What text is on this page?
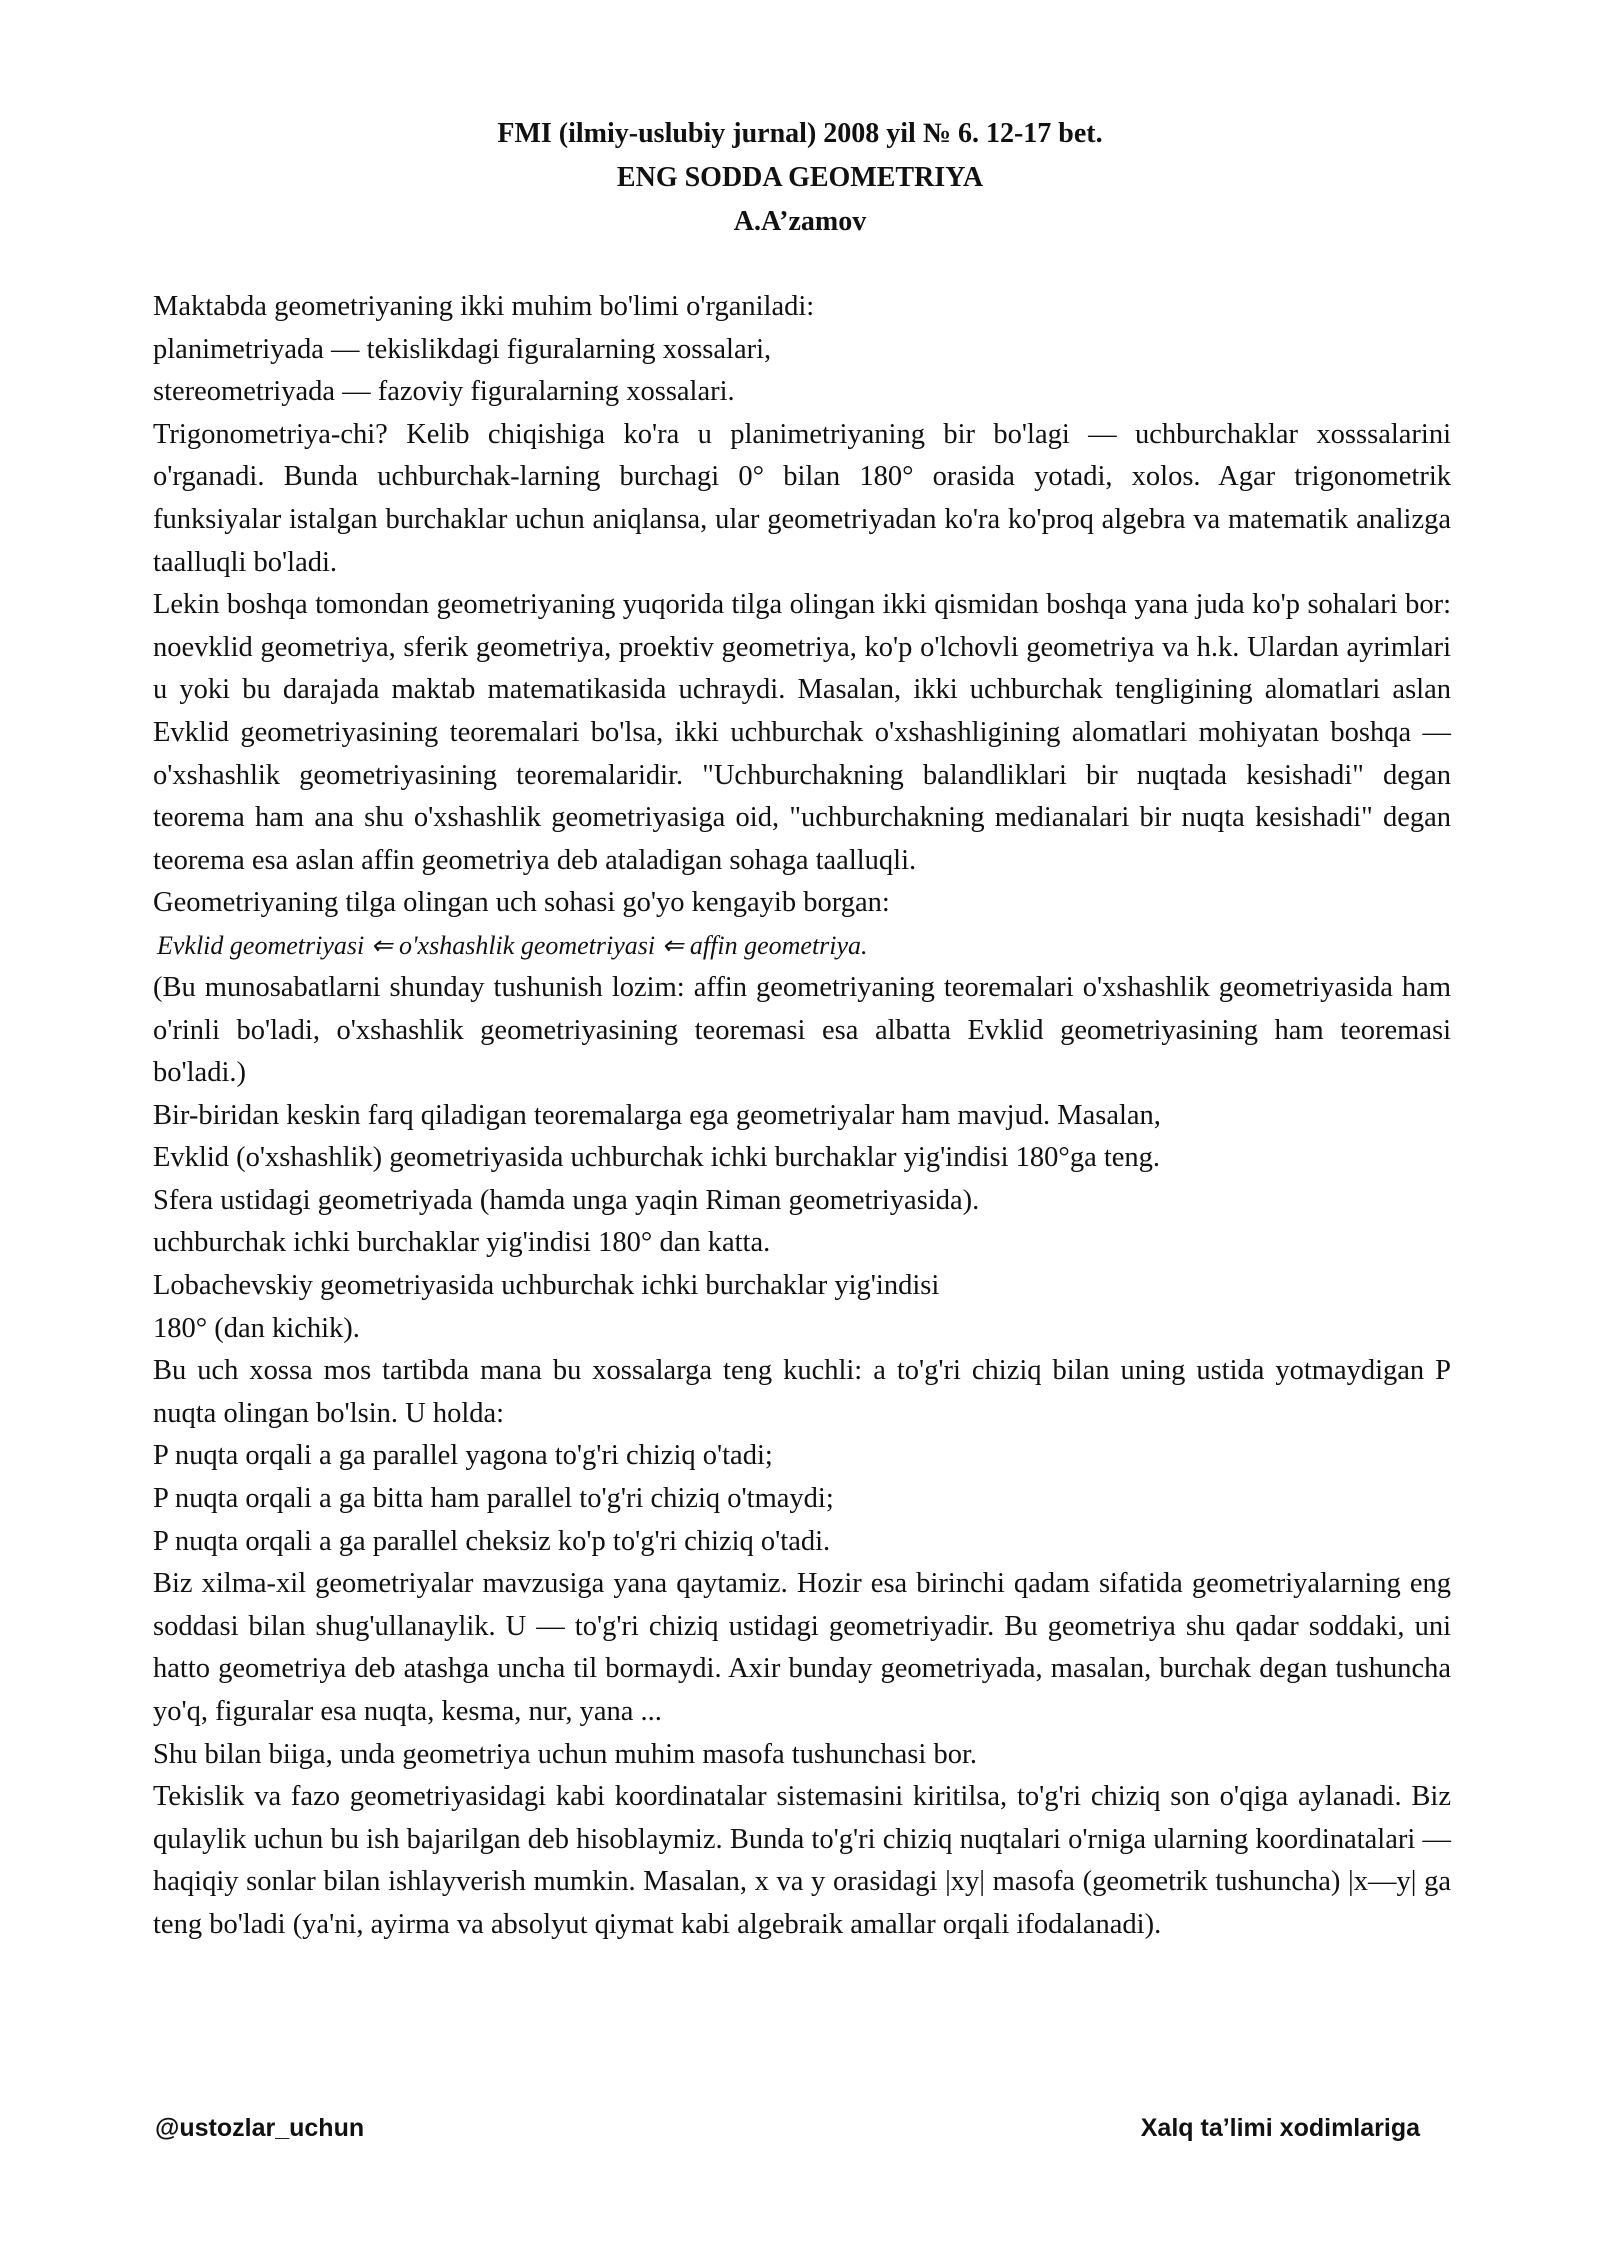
FMI (ilmiy-uslubiy jurnal) 2008 yil № 6. 12-17 bet.
ENG SODDA GEOMETRIYA
A.A’zamov

Maktabda geometriyaning ikki muhim bo'limi o'rganiladi:

planimetriyada — tekislikdagi figuralarning xossalari,

stereometriyada — fazoviy figuralarning xossalari.

Trigonometriya-chi? Kelib chiqishiga ko'ra u planimetriyaning bir bo'lagi — uchburchaklar xosssalarini o'rganadi. Bunda uchburchak-larning burchagi 0° bilan 180° orasida yotadi, xolos. Agar trigonometrik funksiyalar istalgan burchaklar uchun aniqlansa, ular geometriyadan ko'ra ko'proq algebra va matematik analizga taalluqli bo'ladi.

Lekin boshqa tomondan geometriyaning yuqorida tilga olingan ikki qismidan boshqa yana juda ko'p sohalari bor: noevklid geometriya, sferik geometriya, proektiv geometriya, ko'p o'lchovli geometriya va h.k. Ulardan ayrimlari u yoki bu darajada maktab matematikasida uchraydi. Masalan, ikki uchburchak tengligining alomatlari aslan Evklid geometriyasining teoremalari bo'lsa, ikki uchburchak o'xshashligining alomatlari mohiyatan boshqa — o'xshashlik geometriyasining teoremalaridir. "Uchburchakning balandliklari bir nuqtada kesishadi" degan teorema ham ana shu o'xshashlik geometriyasiga oid, "uchburchakning medianalari bir nuqta kesishadi" degan teorema esa aslan affin geometriya deb ataladigan sohaga taalluqli.

Geometriyaning tilga olingan uch sohasi go'yo kengayib borgan:

Evklid geometriyasi ⇐ o'xshashlik geometriyasi ⇐ affin geometriya.

(Bu munosabatlarni shunday tushunish lozim: affin geometriyaning teoremalari o'xshashlik geometriyasida ham o'rinli bo'ladi, o'xshashlik geometriyasining teoremasi esa albatta Evklid geometriyasining ham teoremasi bo'ladi.)

Bir-biridan keskin farq qiladigan teoremalarga ega geometriyalar ham mavjud. Masalan,

Evklid (o'xshashlik) geometriyasida uchburchak ichki burchaklar yig'indisi 180°ga teng.

Sfera ustidagi geometriyada (hamda unga yaqin Riman geometriyasida).

uchburchak ichki burchaklar yig'indisi 180° dan katta.

Lobachevskiy geometriyasida uchburchak ichki burchaklar yig'indisi

180° (dan kichik).

Bu uch xossa mos tartibda mana bu xossalarga teng kuchli: a to'g'ri chiziq bilan uning ustida yotmaydigan P nuqta olingan bo'lsin. U holda:

P nuqta orqali a ga parallel yagona to'g'ri chiziq o'tadi;

P nuqta orqali a ga bitta ham parallel to'g'ri chiziq o'tmaydi;

P nuqta orqali a ga parallel cheksiz ko'p to'g'ri chiziq o'tadi.

Biz xilma-xil geometriyalar mavzusiga yana qaytamiz. Hozir esa birinchi qadam sifatida geometriyalarning eng soddasi bilan shug'ullanaylik. U — to'g'ri chiziq ustidagi geometriyadir. Bu geometriya shu qadar soddaki, uni hatto geometriya deb atashga uncha til bormaydi. Axir bunday geometriyada, masalan, burchak degan tushuncha yo'q, figuralar esa nuqta, kesma, nur, yana ...

Shu bilan biiga, unda geometriya uchun muhim masofa tushunchasi bor.

Tekislik va fazo geometriyasidagi kabi koordinatalar sistemasini kiritilsa, to'g'ri chiziq son o'qiga aylanadi. Biz qulaylik uchun bu ish bajarilgan deb hisoblaymiz. Bunda to'g'ri chiziq nuqtalari o'rniga ularning koordinatalari — haqiqiy sonlar bilan ishlayverish mumkin. Masalan, x va y orasidagi |xy| masofa (geometrik tushuncha) |x—y| ga teng bo'ladi (ya'ni, ayirma va absolyut qiymat kabi algebraik amallar orqali ifodalanadi).

@ustozlar_uchun	Xalq ta’limi xodimlariga
